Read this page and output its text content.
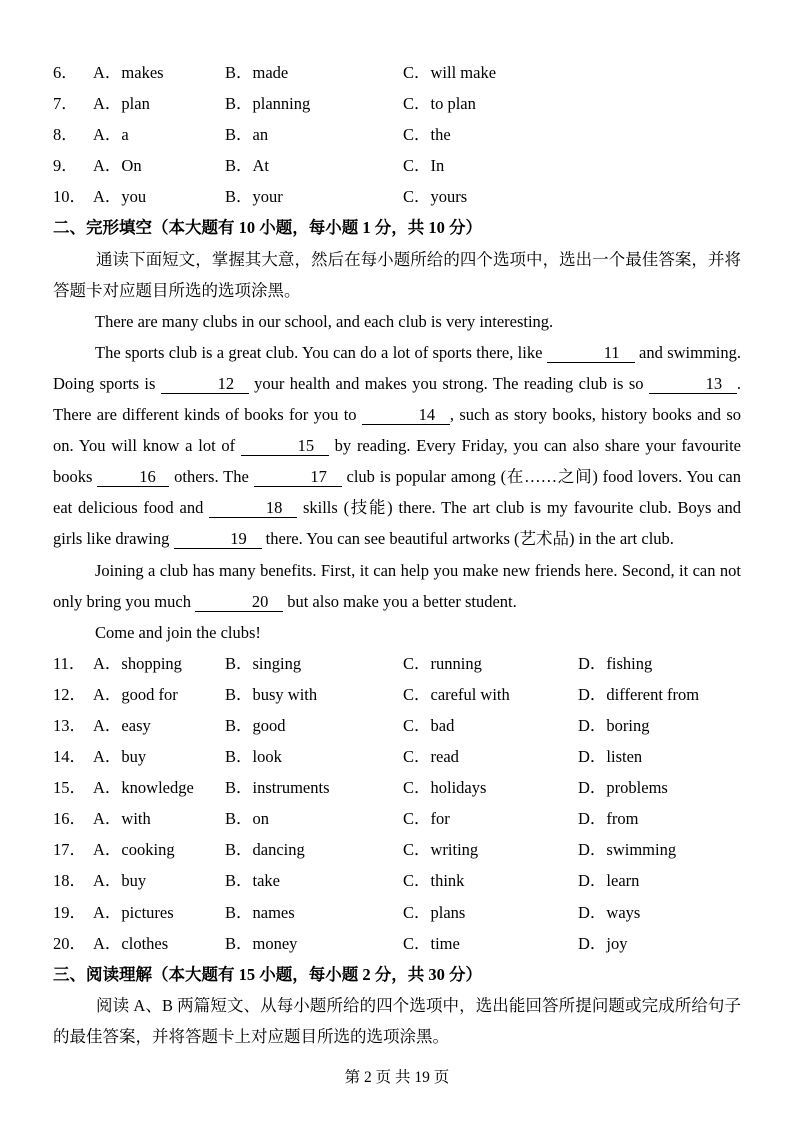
6． A．makes	B．made	C．will make
7． A．plan	B．planning	C．to plan
8． A．a	B．an	C．the
9． A．On	B．At	C．In
10． A．you	B．your	C．yours

二、完形填空（本大题有 10 小题，每小题 1 分，共 10 分）

通读下面短文，掌握其大意，然后在每小题所给的四个选项中，选出一个最佳答案，并将答题卡对应题目所选的选项涂黑。

There are many clubs in our school, and each club is very interesting.

The sports club is a great club. You can do a lot of sports there, like	11 and swimming. Doing sports is	12 your health and makes you strong. The reading club is so	13 . There are different kinds of books for you to	14 , such as story books, history books and so on. You will know a lot of	15 by reading. Every Friday, you can also share your favourite books	16 others. The	17 club is popular among (在……之间) food lovers. You can eat delicious food and	18 skills (技能) there. The art club is my favourite club. Boys and girls like drawing	19 there. You can see beautiful artworks (艺术品) in the art club.

Joining a club has many benefits. First, it can help you make new friends here. Second, it can not only bring you much	20 but also make you a better student.

Come and join the clubs!

11． A．shopping	B．singing	C．running	D．fishing
12． A．good for	B．busy with	C．careful with	D．different from
13． A．easy	B．good	C．bad	D．boring
14． A．buy	B．look	C．read	D．listen
15． A．knowledge	B．instruments	C．holidays	D．problems
16． A．with	B．on	C．for	D．from
17． A．cooking	B．dancing	C．writing	D．swimming
18． A．buy	B．take	C．think	D．learn
19． A．pictures	B．names	C．plans	D．ways
20． A．clothes	B．money	C．time	D．joy

三、阅读理解（本大题有 15 小题，每小题 2 分，共 30 分）

阅读 A、B 两篇短文、从每小题所给的四个选项中，选出能回答所提问题或完成所给句子的最佳答案，并将答题卡上对应题目所选的选项涂黑。

第 2 页 共 19 页
